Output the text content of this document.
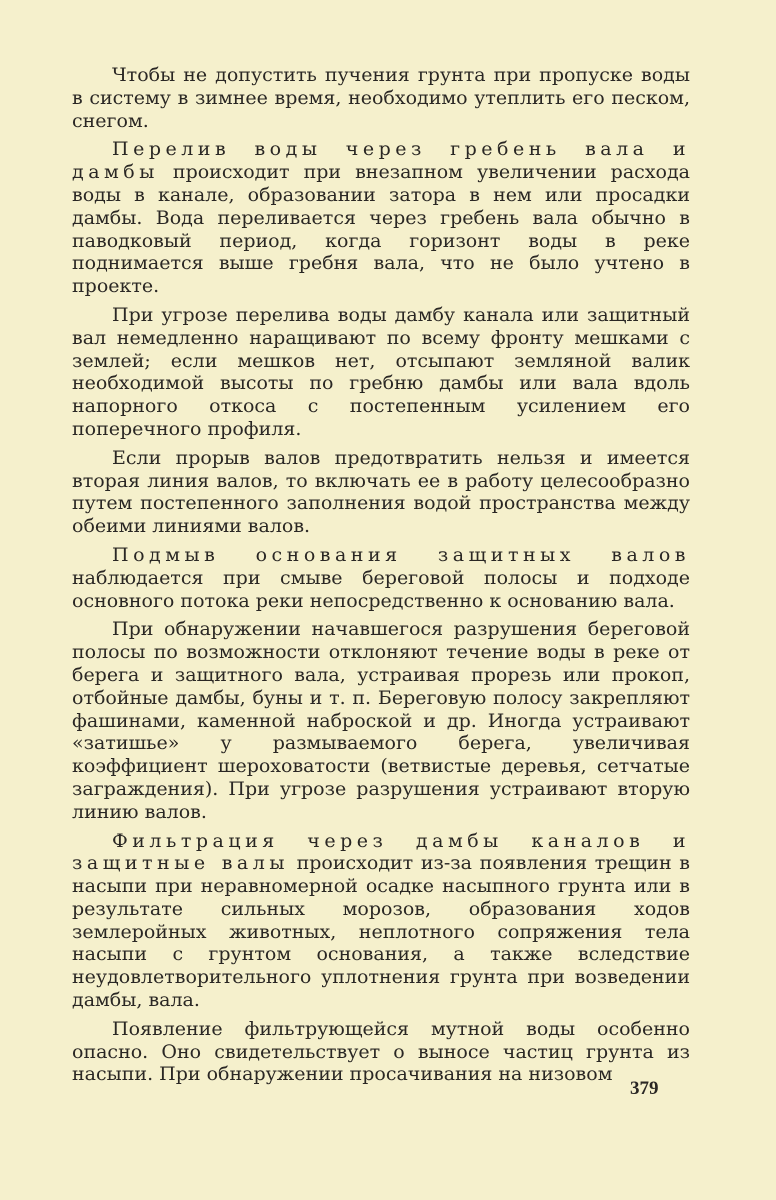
Чтобы не допустить пучения грунта при пропуске воды в систему в зимнее время, необходимо утеплить его песком, снегом.

Перелив воды через гребень вала и дамбы происходит при внезапном увеличении расхода воды в канале, образовании затора в нем или просадки дамбы. Вода переливается через гребень вала обычно в паводковый период, когда горизонт воды в реке поднимается выше гребня вала, что не было учтено в проекте.

При угрозе перелива воды дамбу канала или защитный вал немедленно наращивают по всему фронту мешками с землей; если мешков нет, отсыпают земляной валик необходимой высоты по гребню дамбы или вала вдоль напорного откоса с постепенным усилением его поперечного профиля.

Если прорыв валов предотвратить нельзя и имеется вторая линия валов, то включать ее в работу целесообразно путем постепенного заполнения водой пространства между обеими линиями валов.

Подмыв основания защитных валов наблюдается при смыве береговой полосы и подходе основного потока реки непосредственно к основанию вала.

При обнаружении начавшегося разрушения береговой полосы по возможности отклоняют течение воды в реке от берега и защитного вала, устраивая прорезь или прокоп, отбойные дамбы, буны и т. п. Береговую полосу закрепляют фашинами, каменной наброской и др. Иногда устраивают «затишье» у размываемого берега, увеличивая коэффициент шероховатости (ветвистые деревья, сетчатые заграждения). При угрозе разрушения устраивают вторую линию валов.

Фильтрация через дамбы каналов и защитные валы происходит из-за появления трещин в насыпи при неравномерной осадке насыпного грунта или в результате сильных морозов, образования ходов землеройных животных, неплотного сопряжения тела насыпи с грунтом основания, а также вследствие неудовлетворительного уплотнения грунта при возведении дамбы, вала.

Появление фильтрующейся мутной воды особенно опасно. Оно свидетельствует о выносе частиц грунта из насыпи. При обнаружении просачивания на низовом

379
